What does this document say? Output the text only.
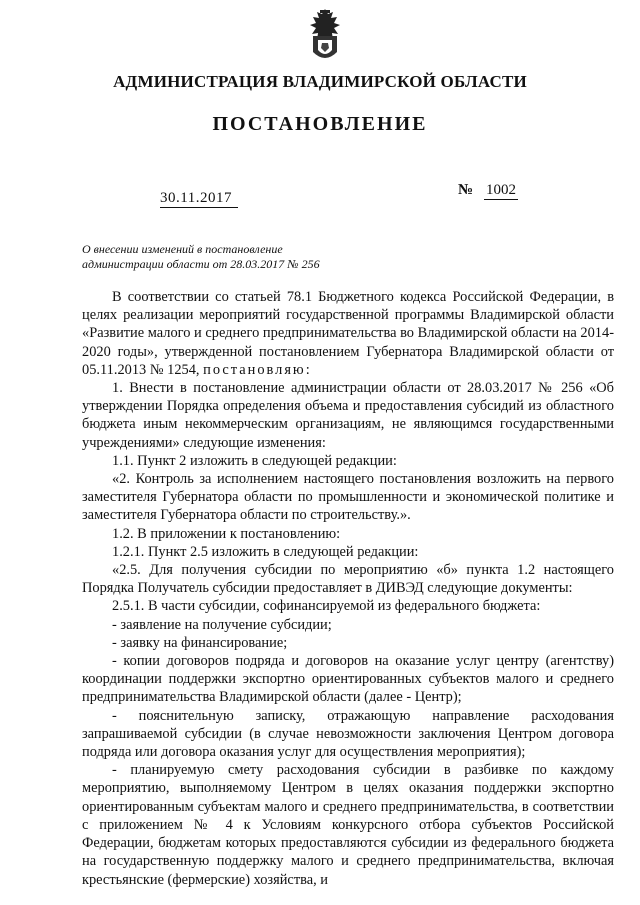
АДМИНИСТРАЦИЯ ВЛАДИМИРСКОЙ ОБЛАСТИ
ПОСТАНОВЛЕНИЕ
30.11.2017	№ 1002
О внесении изменений в постановление
администрации области от 28.03.2017 № 256

В соответствии со статьей 78.1 Бюджетного кодекса Российской Федерации, в целях реализации мероприятий государственной программы Владимирской области «Развитие малого и среднего предпринимательства во Владимирской области на 2014-2020 годы», утвержденной постановлением Губернатора Владимирской области от 05.11.2013 № 1254, постановляю:

1. Внести в постановление администрации области от 28.03.2017 № 256 «Об утверждении Порядка определения объема и предоставления субсидий из областного бюджета иным некоммерческим организациям, не являющимся государственными учреждениями» следующие изменения:

1.1. Пункт 2 изложить в следующей редакции:

«2. Контроль за исполнением настоящего постановления возложить на первого заместителя Губернатора области по промышленности и экономической политике и заместителя Губернатора области по строительству.».

1.2. В приложении к постановлению:

1.2.1. Пункт 2.5 изложить в следующей редакции:

«2.5. Для получения субсидии по мероприятию «б» пункта 1.2 настоящего Порядка Получатель субсидии предоставляет в ДИВЭД следующие документы:

2.5.1. В части субсидии, софинансируемой из федерального бюджета:

- заявление на получение субсидии;

- заявку на финансирование;

- копии договоров подряда и договоров на оказание услуг центру (агентству) координации поддержки экспортно ориентированных субъектов малого и среднего предпринимательства Владимирской области (далее - Центр);

- пояснительную записку, отражающую направление расходования запрашиваемой субсидии (в случае невозможности заключения Центром договора подряда или договора оказания услуг для осуществления мероприятия);

- планируемую смету расходования субсидии в разбивке по каждому мероприятию, выполняемому Центром в целях оказания поддержки экспортно ориентированным субъектам малого и среднего предпринимательства, в соответствии с приложением № 4 к Условиям конкурсного отбора субъектов Российской Федерации, бюджетам которых предоставляются субсидии из федерального бюджета на государственную поддержку малого и среднего предпринимательства, включая крестьянские (фермерские) хозяйства, и
